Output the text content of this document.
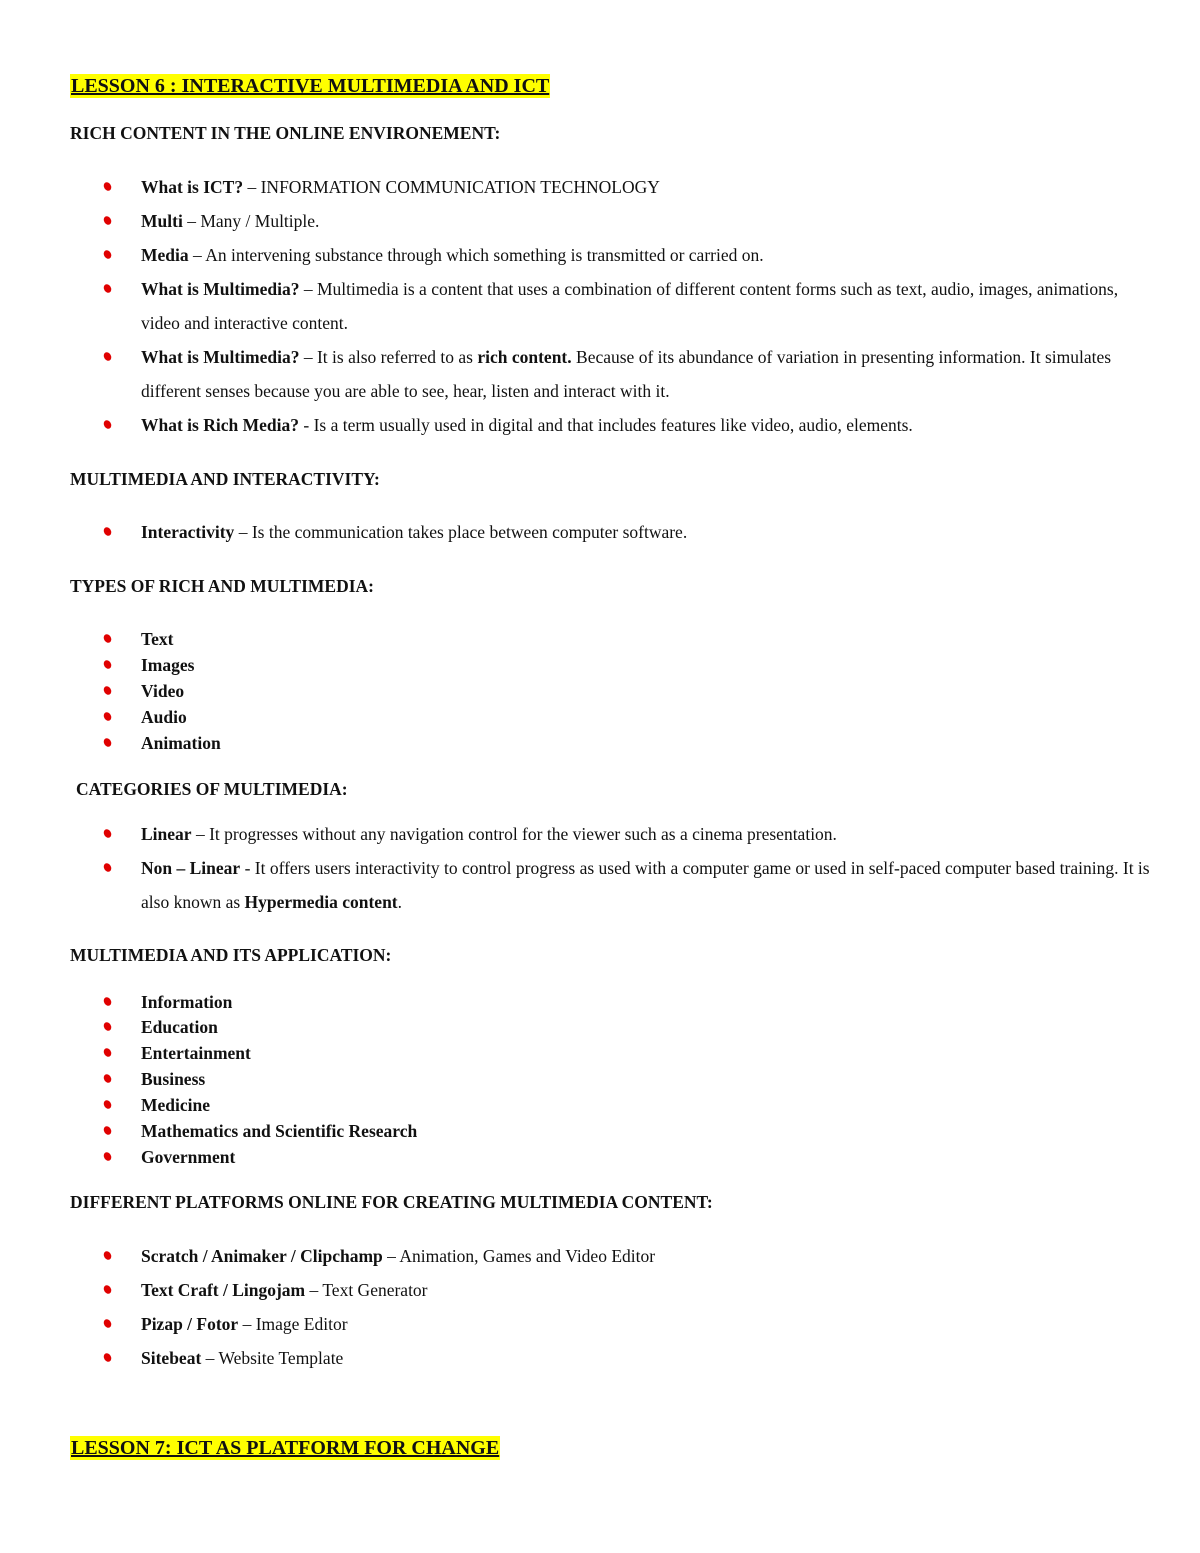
LESSON 6 : INTERACTIVE MULTIMEDIA AND ICT
RICH CONTENT IN THE ONLINE ENVIRONEMENT:
What is ICT? – INFORMATION COMMUNICATION TECHNOLOGY
Multi – Many / Multiple.
Media – An intervening substance through which something is transmitted or carried on.
What is Multimedia? – Multimedia is a content that uses a combination of different content forms such as text, audio, images, animations, video and interactive content.
What is Multimedia? – It is also referred to as rich content. Because of its abundance of variation in presenting information. It simulates different senses because you are able to see, hear, listen and interact with it.
What is Rich Media? - Is a term usually used in digital and that includes features like video, audio, elements.
MULTIMEDIA AND INTERACTIVITY:
Interactivity – Is the communication takes place between computer software.
TYPES OF RICH AND MULTIMEDIA:
Text
Images
Video
Audio
Animation
CATEGORIES OF MULTIMEDIA:
Linear – It progresses without any navigation control for the viewer such as a cinema presentation.
Non – Linear - It offers users interactivity to control progress as used with a computer game or used in self-paced computer based training. It is also known as Hypermedia content.
MULTIMEDIA AND ITS APPLICATION:
Information
Education
Entertainment
Business
Medicine
Mathematics and Scientific Research
Government
DIFFERENT PLATFORMS ONLINE FOR CREATING MULTIMEDIA CONTENT:
Scratch / Animaker / Clipchamp – Animation, Games and Video Editor
Text Craft / Lingojam – Text Generator
Pizap / Fotor – Image Editor
Sitebeat – Website Template
LESSON 7: ICT AS PLATFORM FOR CHANGE
